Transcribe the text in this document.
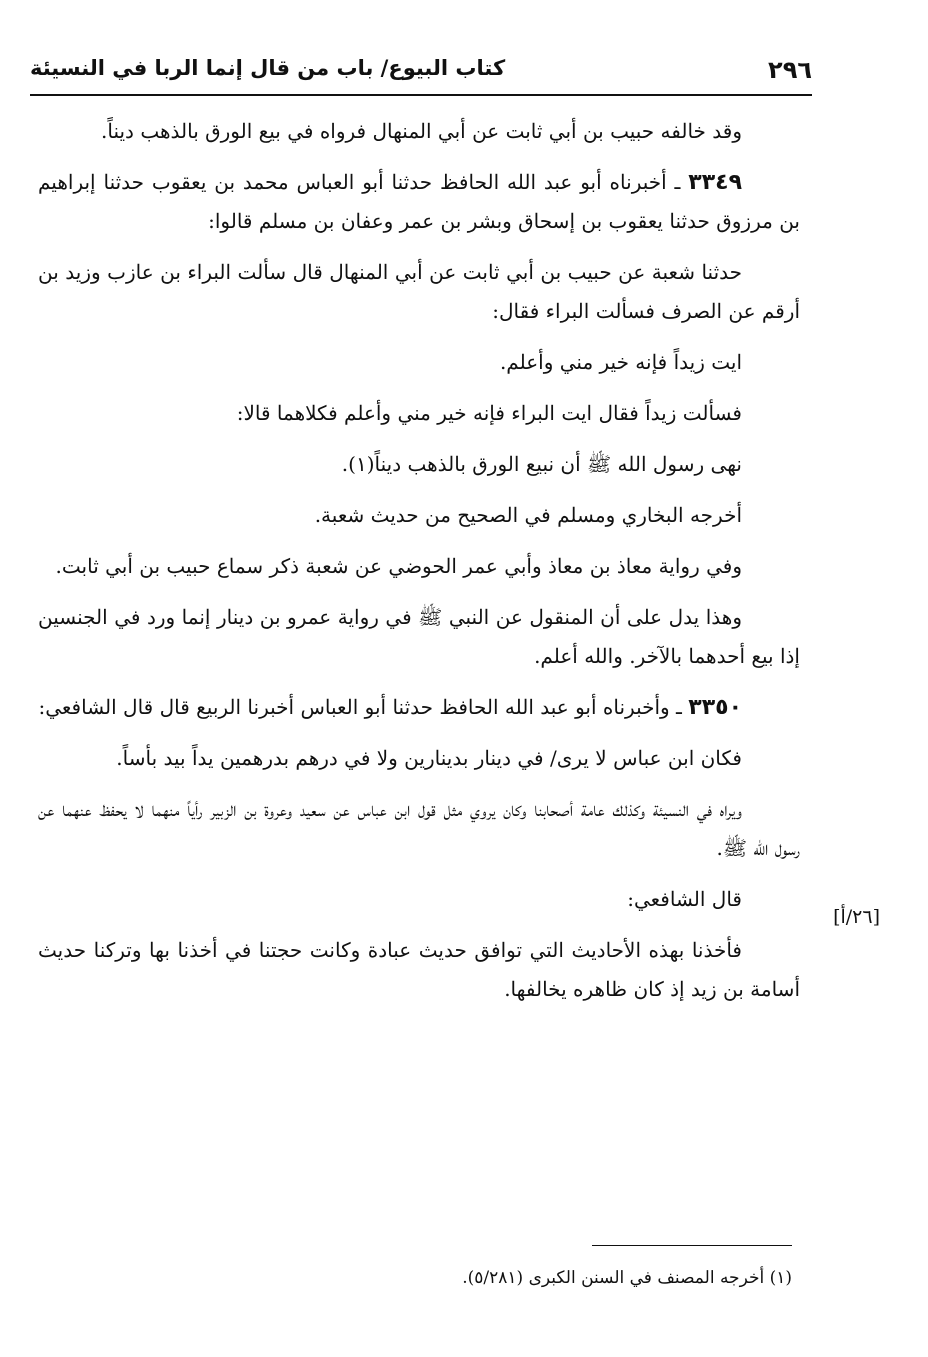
كتاب البيوع/ باب من قال إنما الربا في النسيئة	٢٩٦

وقد خالفه حبيب بن أبي ثابت عن أبي المنهال فرواه في بيع الورق بالذهب ديناً.

٣٣٤٩ ـ أخبرناه أبو عبد الله الحافظ حدثنا أبو العباس محمد بن يعقوب حدثنا إبراهيم بن مرزوق حدثنا يعقوب بن إسحاق وبشر بن عمر وعفان بن مسلم قالوا:

حدثنا شعبة عن حبيب بن أبي ثابت عن أبي المنهال قال سألت البراء بن عازب وزيد بن أرقم عن الصرف فسألت البراء فقال:

ايت زيداً فإنه خير مني وأعلم.

فسألت زيداً فقال ايت البراء فإنه خير مني وأعلم فكلاهما قالا:

نهى رسول الله ﷺ أن نبيع الورق بالذهب ديناً(١).

أخرجه البخاري ومسلم في الصحيح من حديث شعبة.

وفي رواية معاذ بن معاذ وأبي عمر الحوضي عن شعبة ذكر سماع حبيب بن أبي ثابت.

وهذا يدل على أن المنقول عن النبي ﷺ في رواية عمرو بن دينار إنما ورد في الجنسين إذا بيع أحدهما بالآخر. والله أعلم.

٣٣٥٠ ـ وأخبرناه أبو عبد الله الحافظ حدثنا أبو العباس أخبرنا الربيع قال قال الشافعي:

فكان ابن عباس لا يرى/ في دينار بدينارين ولا في درهم بدرهمين يداً بيد بأساً.

ويراه في النسيئة وكذلك عامة أصحابنا وكان يروي مثل قول ابن عباس عن سعيد وعروة بن الزبير رأياً منهما لا يحفظ عنهما عن رسول الله ﷺ.

قال الشافعي:

فأخذنا بهذه الأحاديث التي توافق حديث عبادة وكانت حجتنا في أخذنا بها وتركنا حديث أسامة بن زيد إذ كان ظاهره يخالفها.

[٢٦/أ]
(١) أخرجه المصنف في السنن الكبرى (٥/٢٨١).
